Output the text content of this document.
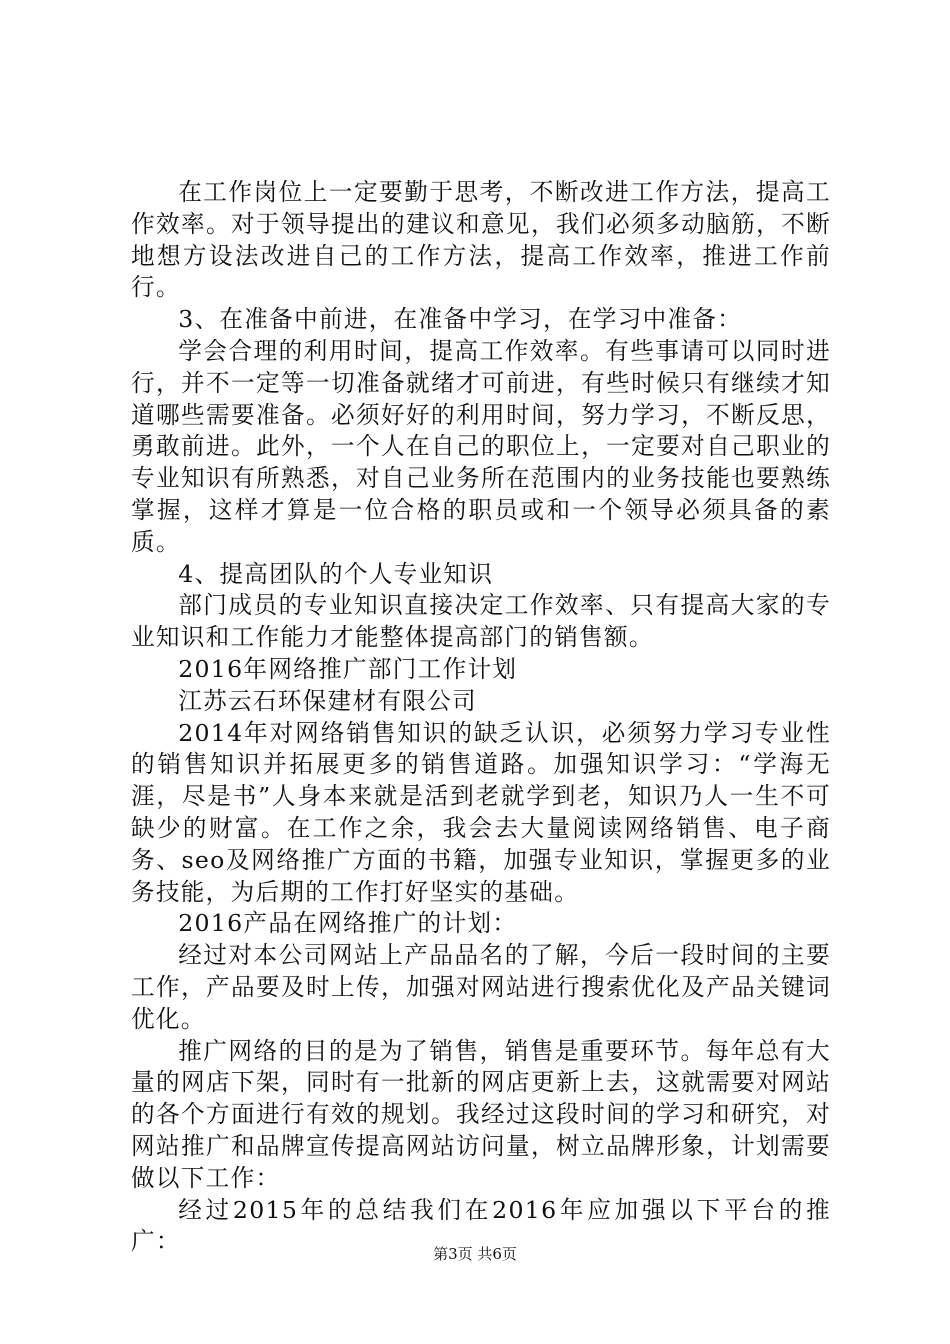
在工作岗位上一定要勤于思考，不断改进工作方法，提高工作效率。对于领导提出的建议和意见，我们必须多动脑筋，不断地想方设法改进自己的工作方法，提高工作效率，推进工作前行。

3、在准备中前进，在准备中学习，在学习中准备：

学会合理的利用时间，提高工作效率。有些事请可以同时进行，并不一定等一切准备就绪才可前进，有些时候只有继续才知道哪些需要准备。必须好好的利用时间，努力学习，不断反思，勇敢前进。此外，一个人在自己的职位上，一定要对自己职业的专业知识有所熟悉，对自己业务所在范围内的业务技能也要熟练掌握，这样才算是一位合格的职员或和一个领导必须具备的素质。

4、提高团队的个人专业知识

部门成员的专业知识直接决定工作效率、只有提高大家的专业知识和工作能力才能整体提高部门的销售额。

2016年网络推广部门工作计划

江苏云石环保建材有限公司

2014年对网络销售知识的缺乏认识，必须努力学习专业性的销售知识并拓展更多的销售道路。加强知识学习：“学海无涯，尽是书”人身本来就是活到老就学到老，知识乃人一生不可缺少的财富。在工作之余，我会去大量阅读网络销售、电子商务、seo及网络推广方面的书籍，加强专业知识，掌握更多的业务技能，为后期的工作打好坚实的基础。

2016产品在网络推广的计划：

经过对本公司网站上产品品名的了解，今后一段时间的主要工作，产品要及时上传，加强对网站进行搜索优化及产品关键词优化。

推广网络的目的是为了销售，销售是重要环节。每年总有大量的网店下架，同时有一批新的网店更新上去，这就需要对网站的各个方面进行有效的规划。我经过这段时间的学习和研究，对网站推广和品牌宣传提高网站访问量，树立品牌形象，计划需要做以下工作：

经过2015年的总结我们在2016年应加强以下平台的推广：	第3页 共6页
